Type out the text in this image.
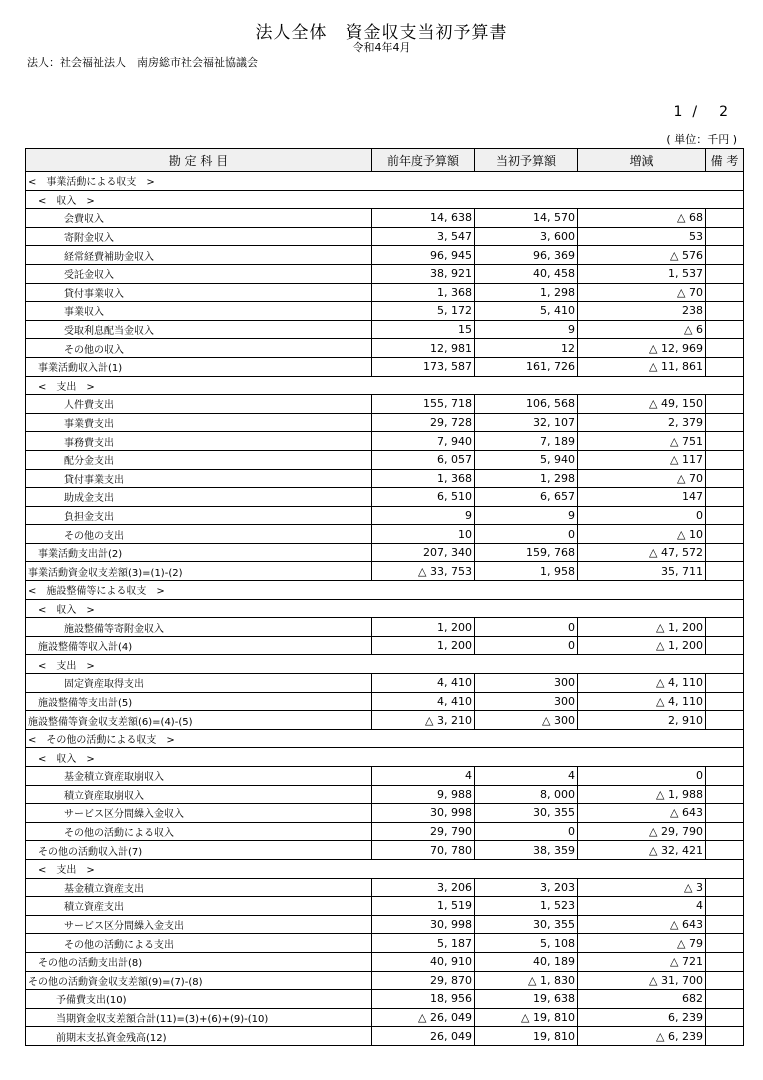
法人全体　資金収支当初予算書
令和4年4月
法人：社会福祉法人　南房総市社会福祉協議会
1 / 2
( 単位：千円 )
勘 定 科 目	前年度予算額	当初予算額	増減	備 考
<　事業活動による収支　>				
<　収入　>				
会費収入	14, 638	14, 570	△ 68	
寄附金収入	3, 547	3, 600	53	
経常経費補助金収入	96, 945	96, 369	△ 576	
受託金収入	38, 921	40, 458	1, 537	
貸付事業収入	1, 368	1, 298	△ 70	
事業収入	5, 172	5, 410	238	
受取利息配当金収入	15	9	△ 6	
その他の収入	12, 981	12	△ 12, 969	
事業活動収入計(1)	173, 587	161, 726	△ 11, 861	
<　支出　>				
人件費支出	155, 718	106, 568	△ 49, 150	
事業費支出	29, 728	32, 107	2, 379	
事務費支出	7, 940	7, 189	△ 751	
配分金支出	6, 057	5, 940	△ 117	
貸付事業支出	1, 368	1, 298	△ 70	
助成金支出	6, 510	6, 657	147	
負担金支出	9	9	0	
その他の支出	10	0	△ 10	
事業活動支出計(2)	207, 340	159, 768	△ 47, 572	
事業活動資金収支差額(3)=(1)-(2)	△ 33, 753	1, 958	35, 711	
<　施設整備等による収支　>				
<　収入　>				
施設整備等寄附金収入	1, 200	0	△ 1, 200	
施設整備等収入計(4)	1, 200	0	△ 1, 200	
<　支出　>				
固定資産取得支出	4, 410	300	△ 4, 110	
施設整備等支出計(5)	4, 410	300	△ 4, 110	
施設整備等資金収支差額(6)=(4)-(5)	△ 3, 210	△ 300	2, 910	
<　その他の活動による収支　>				
<　収入　>				
基金積立資産取崩収入	4	4	0	
積立資産取崩収入	9, 988	8, 000	△ 1, 988	
サービス区分間繰入金収入	30, 998	30, 355	△ 643	
その他の活動による収入	29, 790	0	△ 29, 790	
その他の活動収入計(7)	70, 780	38, 359	△ 32, 421	
<　支出　>				
基金積立資産支出	3, 206	3, 203	△ 3	
積立資産支出	1, 519	1, 523	4	
サービス区分間繰入金支出	30, 998	30, 355	△ 643	
その他の活動による支出	5, 187	5, 108	△ 79	
その他の活動支出計(8)	40, 910	40, 189	△ 721	
その他の活動資金収支差額(9)=(7)-(8)	29, 870	△ 1, 830	△ 31, 700	
予備費支出(10)	18, 956	19, 638	682	
当期資金収支差額合計(11)=(3)+(6)+(9)-(10)	△ 26, 049	△ 19, 810	6, 239	
前期末支払資金残高(12)	26, 049	19, 810	△ 6, 239	
